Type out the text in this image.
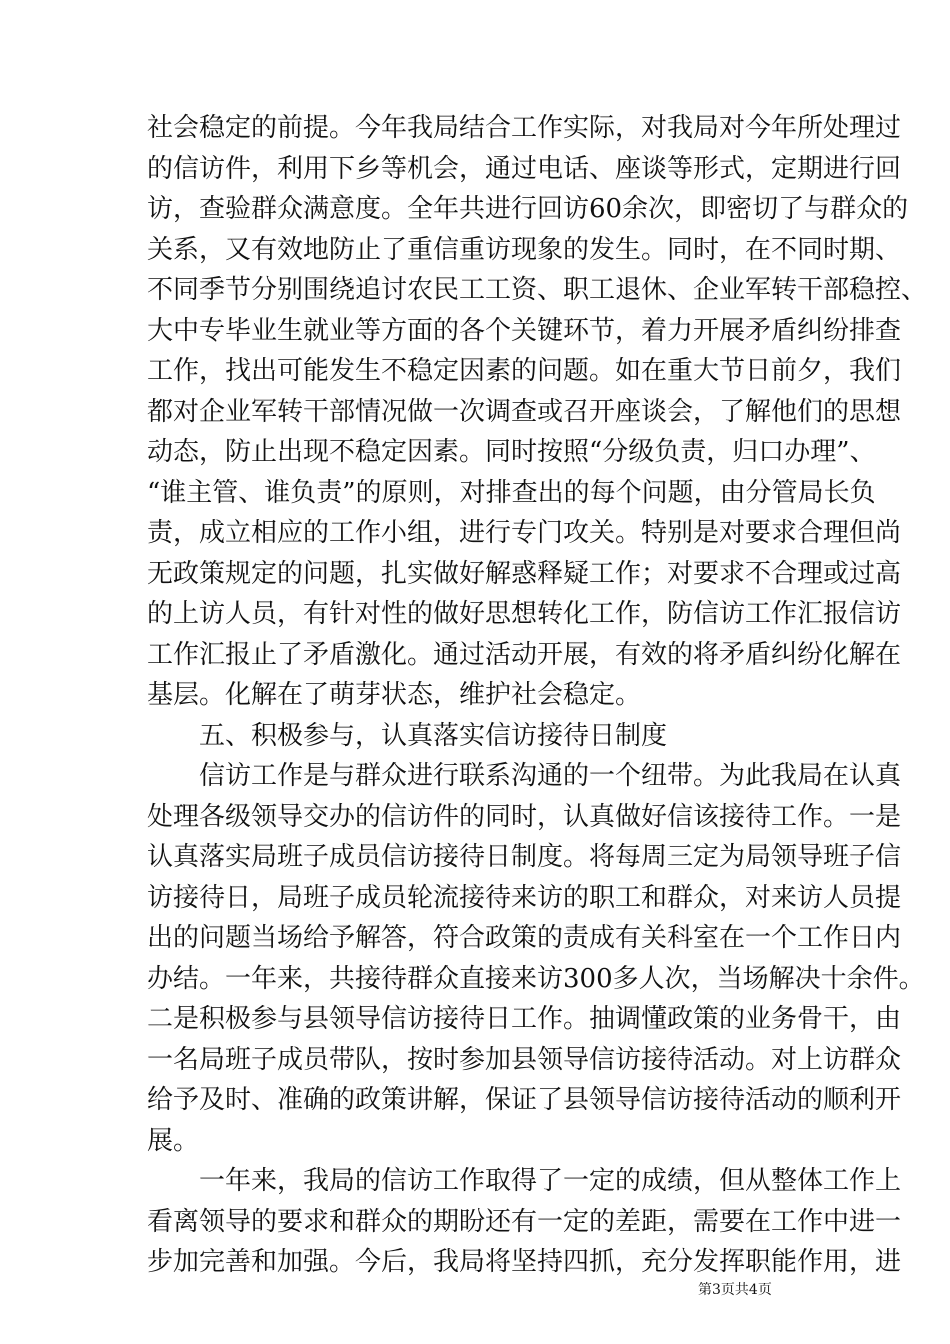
社会稳定的前提。今年我局结合工作实际，对我局对今年所处理过
的信访件，利用下乡等机会，通过电话、座谈等形式，定期进行回
访，查验群众满意度。全年共进行回访60余次，即密切了与群众的
关系，又有效地防止了重信重访现象的发生。同时，在不同时期、
不同季节分别围绕追讨农民工工资、职工退休、企业军转干部稳控、
大中专毕业生就业等方面的各个关键环节，着力开展矛盾纠纷排查
工作，找出可能发生不稳定因素的问题。如在重大节日前夕，我们
都对企业军转干部情况做一次调查或召开座谈会，了解他们的思想
动态，防止出现不稳定因素。同时按照“分级负责，归口办理”、
“谁主管、谁负责”的原则，对排查出的每个问题，由分管局长负
责，成立相应的工作小组，进行专门攻关。特别是对要求合理但尚
无政策规定的问题，扎实做好解惑释疑工作；对要求不合理或过高
的上访人员，有针对性的做好思想转化工作，防信访工作汇报信访
工作汇报止了矛盾激化。通过活动开展，有效的将矛盾纠纷化解在
基层。化解在了萌芽状态，维护社会稳定。
五、积极参与，认真落实信访接待日制度
信访工作是与群众进行联系沟通的一个纽带。为此我局在认真
处理各级领导交办的信访件的同时，认真做好信该接待工作。一是
认真落实局班子成员信访接待日制度。将每周三定为局领导班子信
访接待日，局班子成员轮流接待来访的职工和群众，对来访人员提
出的问题当场给予解答，符合政策的责成有关科室在一个工作日内
办结。一年来，共接待群众直接来访300多人次，当场解决十余件。
二是积极参与县领导信访接待日工作。抽调懂政策的业务骨干，由
一名局班子成员带队，按时参加县领导信访接待活动。对上访群众
给予及时、准确的政策讲解，保证了县领导信访接待活动的顺利开
展。
一年来，我局的信访工作取得了一定的成绩，但从整体工作上
看离领导的要求和群众的期盼还有一定的差距，需要在工作中进一
步加完善和加强。今后，我局将坚持四抓，充分发挥职能作用，进
第3页共4页
